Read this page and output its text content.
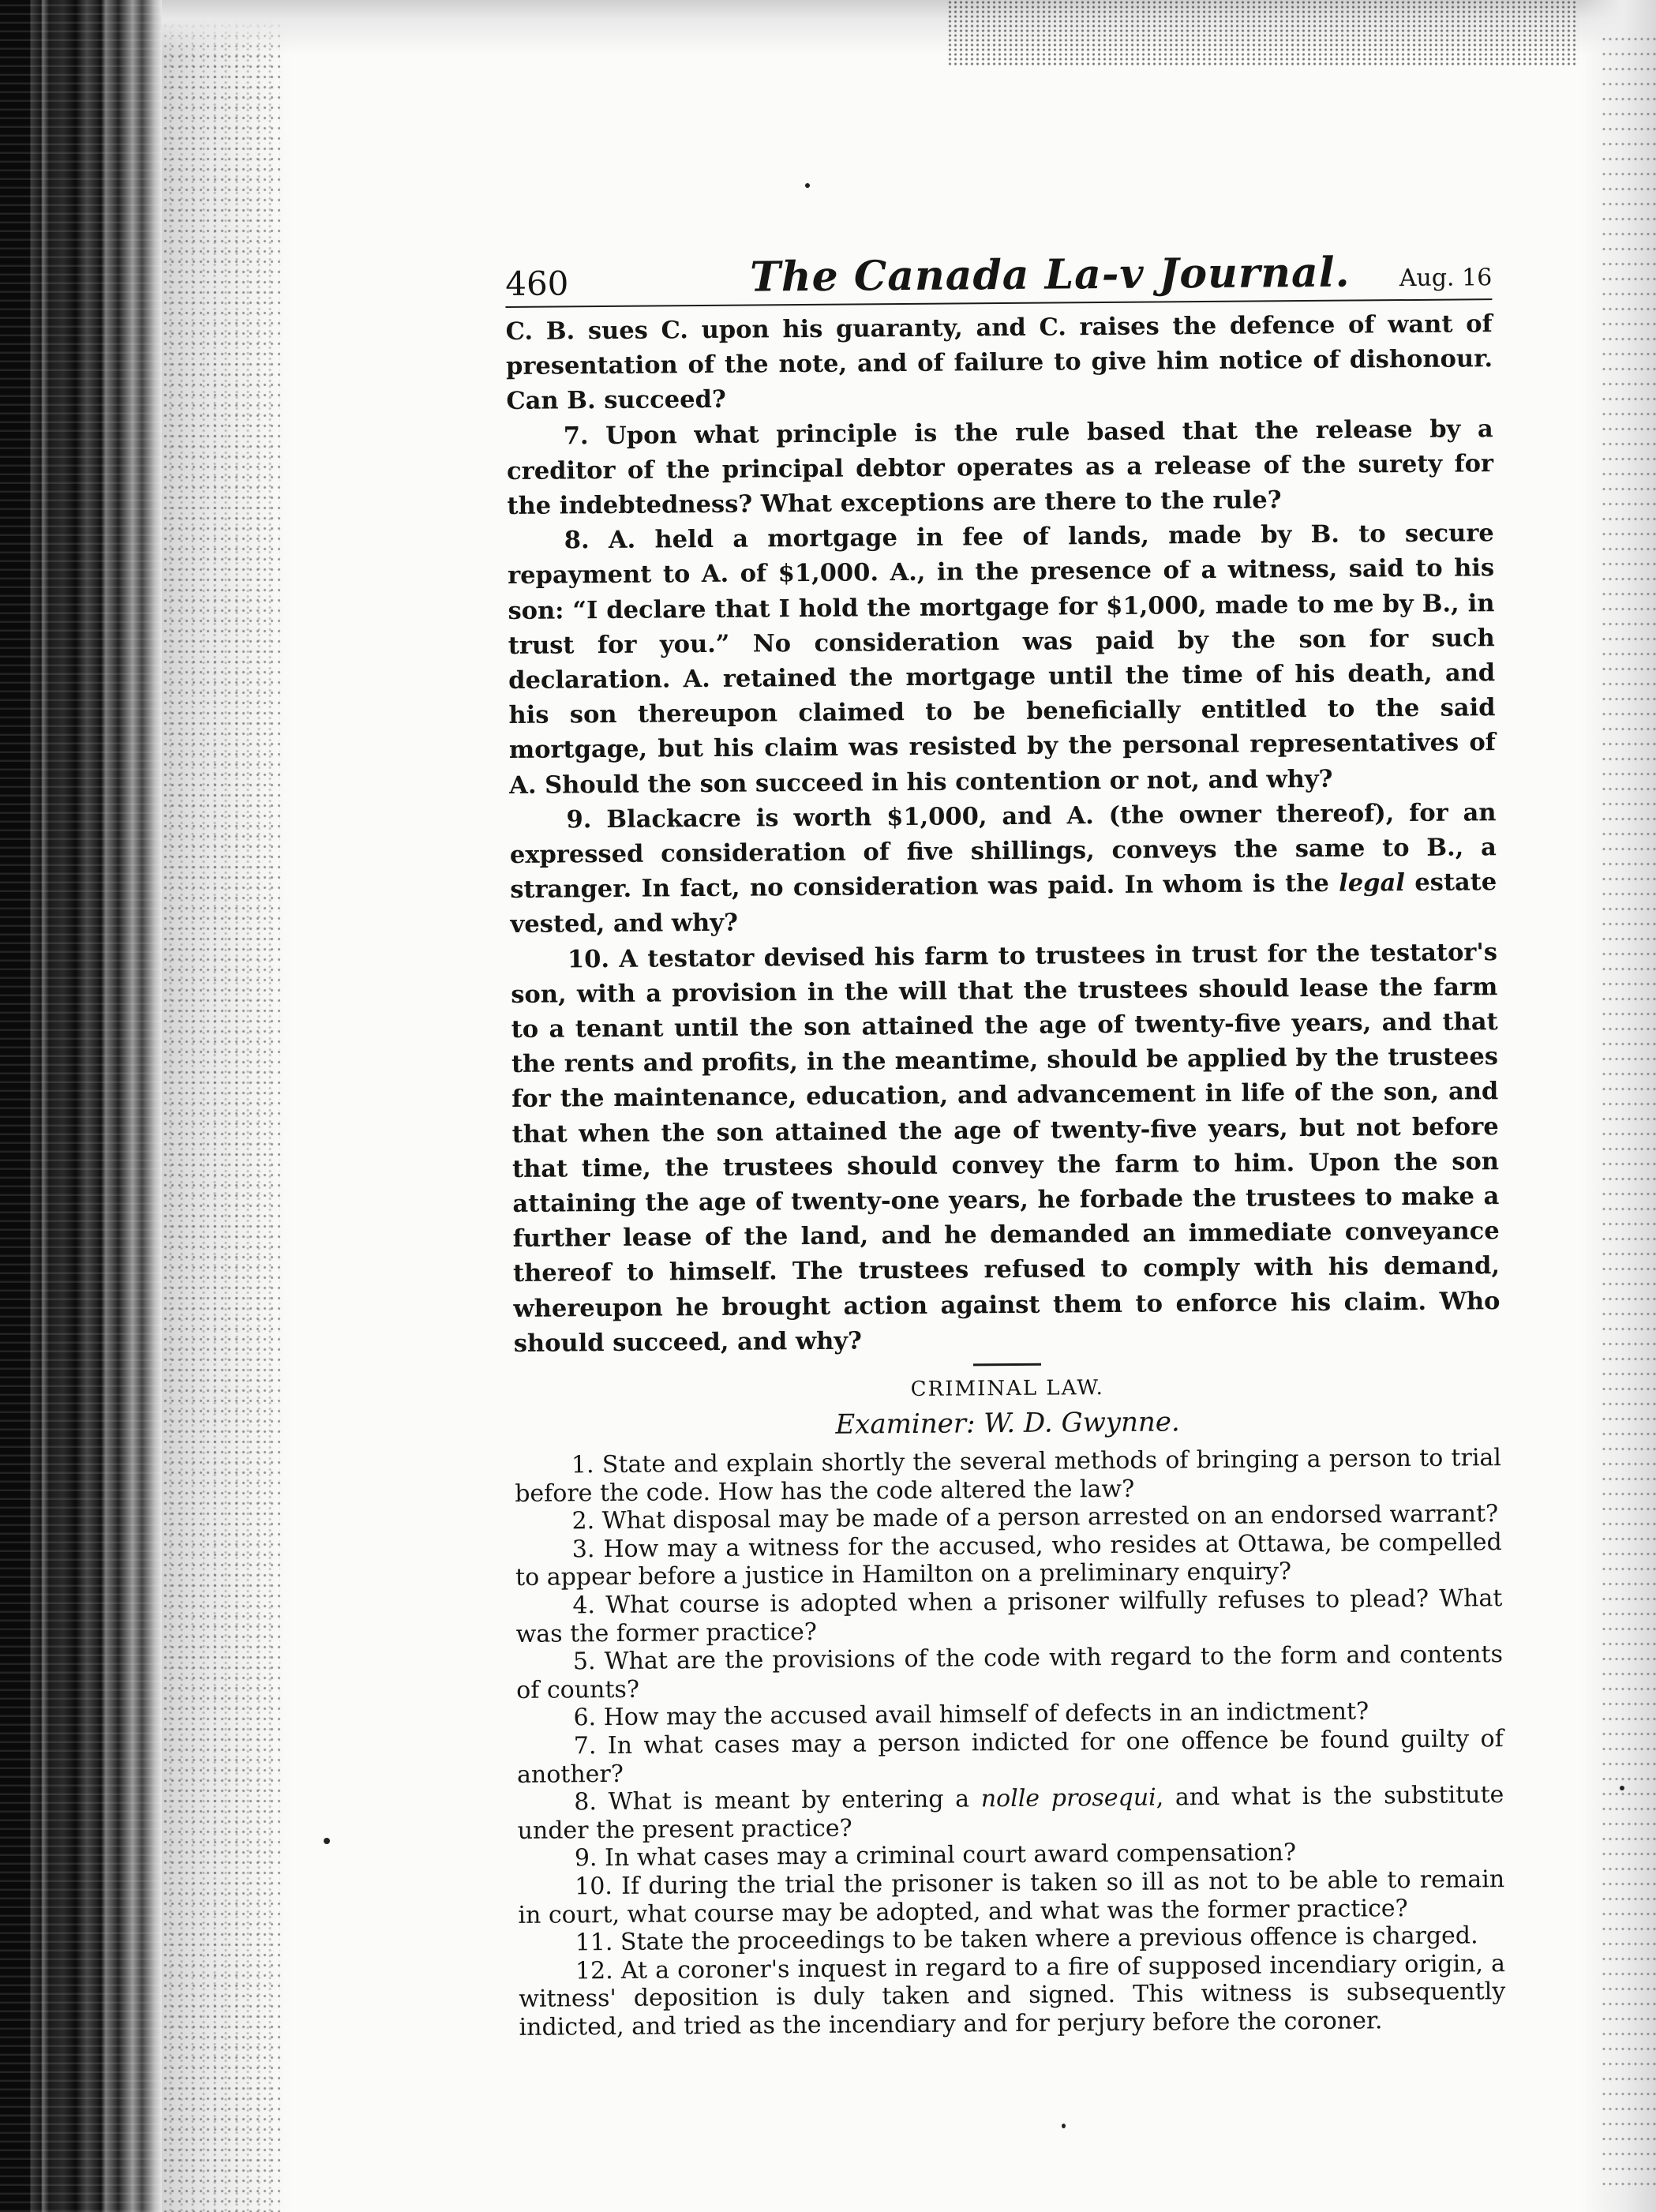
460	The Canada La-v Journal. Aug. 16

C. B. sues C. upon his guaranty, and C. raises the defence of want of presentation of the note, and of failure to give him notice of dishonour. Can B. succeed?

7. Upon what principle is the rule based that the release by a creditor of the principal debtor operates as a release of the surety for the indebtedness? What exceptions are there to the rule?

8. A. held a mortgage in fee of lands, made by B. to secure repayment to A. of $1,000. A., in the presence of a witness, said to his son: “I declare that I hold the mortgage for $1,000, made to me by B., in trust for you.” No consideration was paid by the son for such declaration. A. retained the mortgage until the time of his death, and his son thereupon claimed to be beneficially entitled to the said mortgage, but his claim was resisted by the personal representatives of A. Should the son succeed in his contention or not, and why?

9. Blackacre is worth $1,000, and A. (the owner thereof), for an expressed consideration of five shillings, conveys the same to B., a stranger. In fact, no consideration was paid. In whom is the legal estate vested, and why?

10. A testator devised his farm to trustees in trust for the testator's son, with a provision in the will that the trustees should lease the farm to a tenant until the son attained the age of twenty-five years, and that the rents and profits, in the meantime, should be applied by the trustees for the maintenance, education, and advancement in life of the son, and that when the son attained the age of twenty-five years, but not before that time, the trustees should convey the farm to him. Upon the son attaining the age of twenty-one years, he forbade the trustees to make a further lease of the land, and he demanded an immediate conveyance thereof to himself. The trustees refused to comply with his demand, whereupon he brought action against them to enforce his claim. Who should succeed, and why?

CRIMINAL LAW.

Examiner: W. D. Gwynne.

1. State and explain shortly the several methods of bringing a person to trial before the code. How has the code altered the law?

2. What disposal may be made of a person arrested on an endorsed warrant?

3. How may a witness for the accused, who resides at Ottawa, be compelled to appear before a justice in Hamilton on a preliminary enquiry?

4. What course is adopted when a prisoner wilfully refuses to plead? What was the former practice?

5. What are the provisions of the code with regard to the form and contents of counts?

6. How may the accused avail himself of defects in an indictment?

7. In what cases may a person indicted for one offence be found guilty of another?

8. What is meant by entering a nolle prosequi, and what is the substitute under the present practice?

9. In what cases may a criminal court award compensation?

10. If during the trial the prisoner is taken so ill as not to be able to remain in court, what course may be adopted, and what was the former practice?

11. State the proceedings to be taken where a previous offence is charged.

12. At a coroner's inquest in regard to a fire of supposed incendiary origin, a witness' deposition is duly taken and signed. This witness is subsequently indicted, and tried as the incendiary and for perjury before the coroner.
